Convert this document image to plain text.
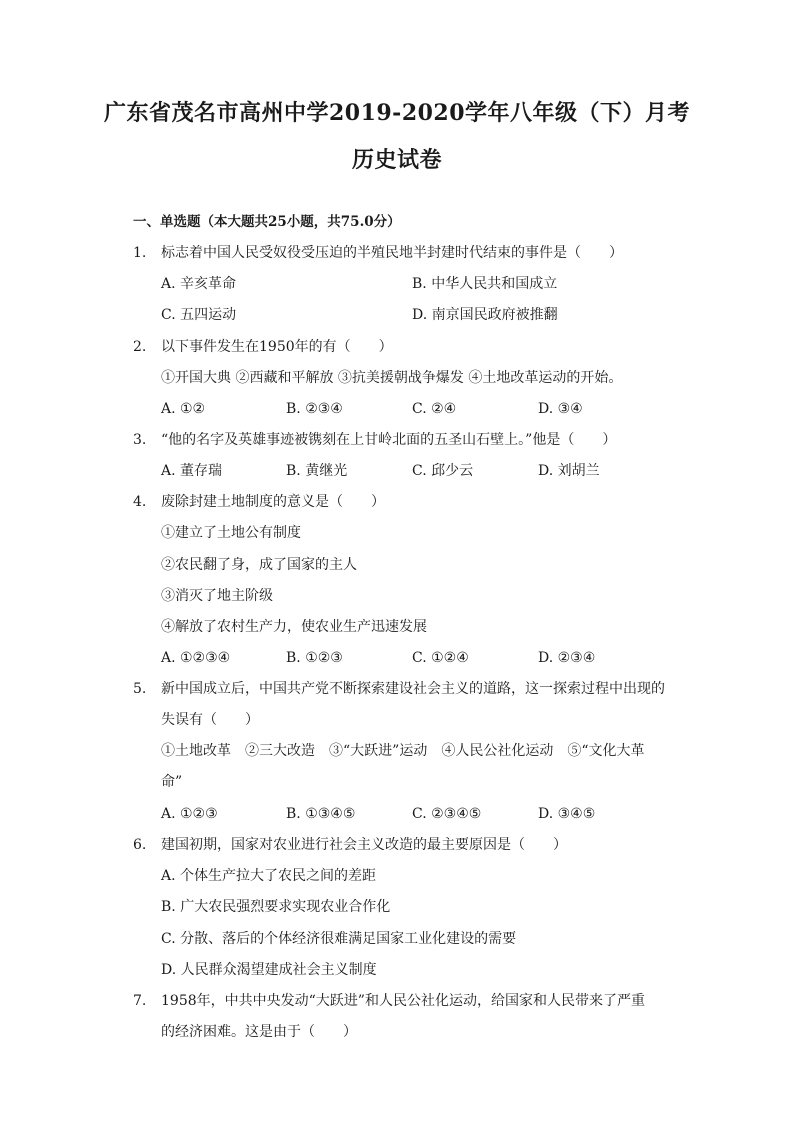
广东省茂名市高州中学2019-2020学年八年级（下）月考
历史试卷
一、单选题（本大题共25小题，共75.0分）
1. 标志着中国人民受奴役受压迫的半殖民地半封建时代结束的事件是（　　）
A. 辛亥革命	B. 中华人民共和国成立
C. 五四运动	D. 南京国民政府被推翻
2. 以下事件发生在1950年的有（　　）
①开国大典 ②西藏和平解放 ③抗美援朝战争爆发 ④土地改革运动的开始。
A. ①②	B. ②③④	C. ②④	D. ③④
3. “他的名字及英雄事迹被镌刻在上甘岭北面的五圣山石壁上。”他是（　　）
A. 董存瑞	B. 黄继光	C. 邱少云	D. 刘胡兰
4. 废除封建土地制度的意义是（　　）
①建立了土地公有制度
②农民翻了身，成了国家的主人
③消灭了地主阶级
④解放了农村生产力，使农业生产迅速发展
A. ①②③④	B. ①②③	C. ①②④	D. ②③④
5. 新中国成立后，中国共产党不断探索建设社会主义的道路，这一探索过程中出现的
失误有（　　）
①土地改革　②三大改造　③“大跃进”运动　④人民公社化运动　⑤“文化大革
命”
A. ①②③	B. ①③④⑤	C. ②③④⑤	D. ③④⑤
6. 建国初期，国家对农业进行社会主义改造的最主要原因是（　　）
A. 个体生产拉大了农民之间的差距
B. 广大农民强烈要求实现农业合作化
C. 分散、落后的个体经济很难满足国家工业化建设的需要
D. 人民群众渴望建成社会主义制度
7. 1958年，中共中央发动“大跃进”和人民公社化运动，给国家和人民带来了严重
的经济困难。这是由于（　　）
